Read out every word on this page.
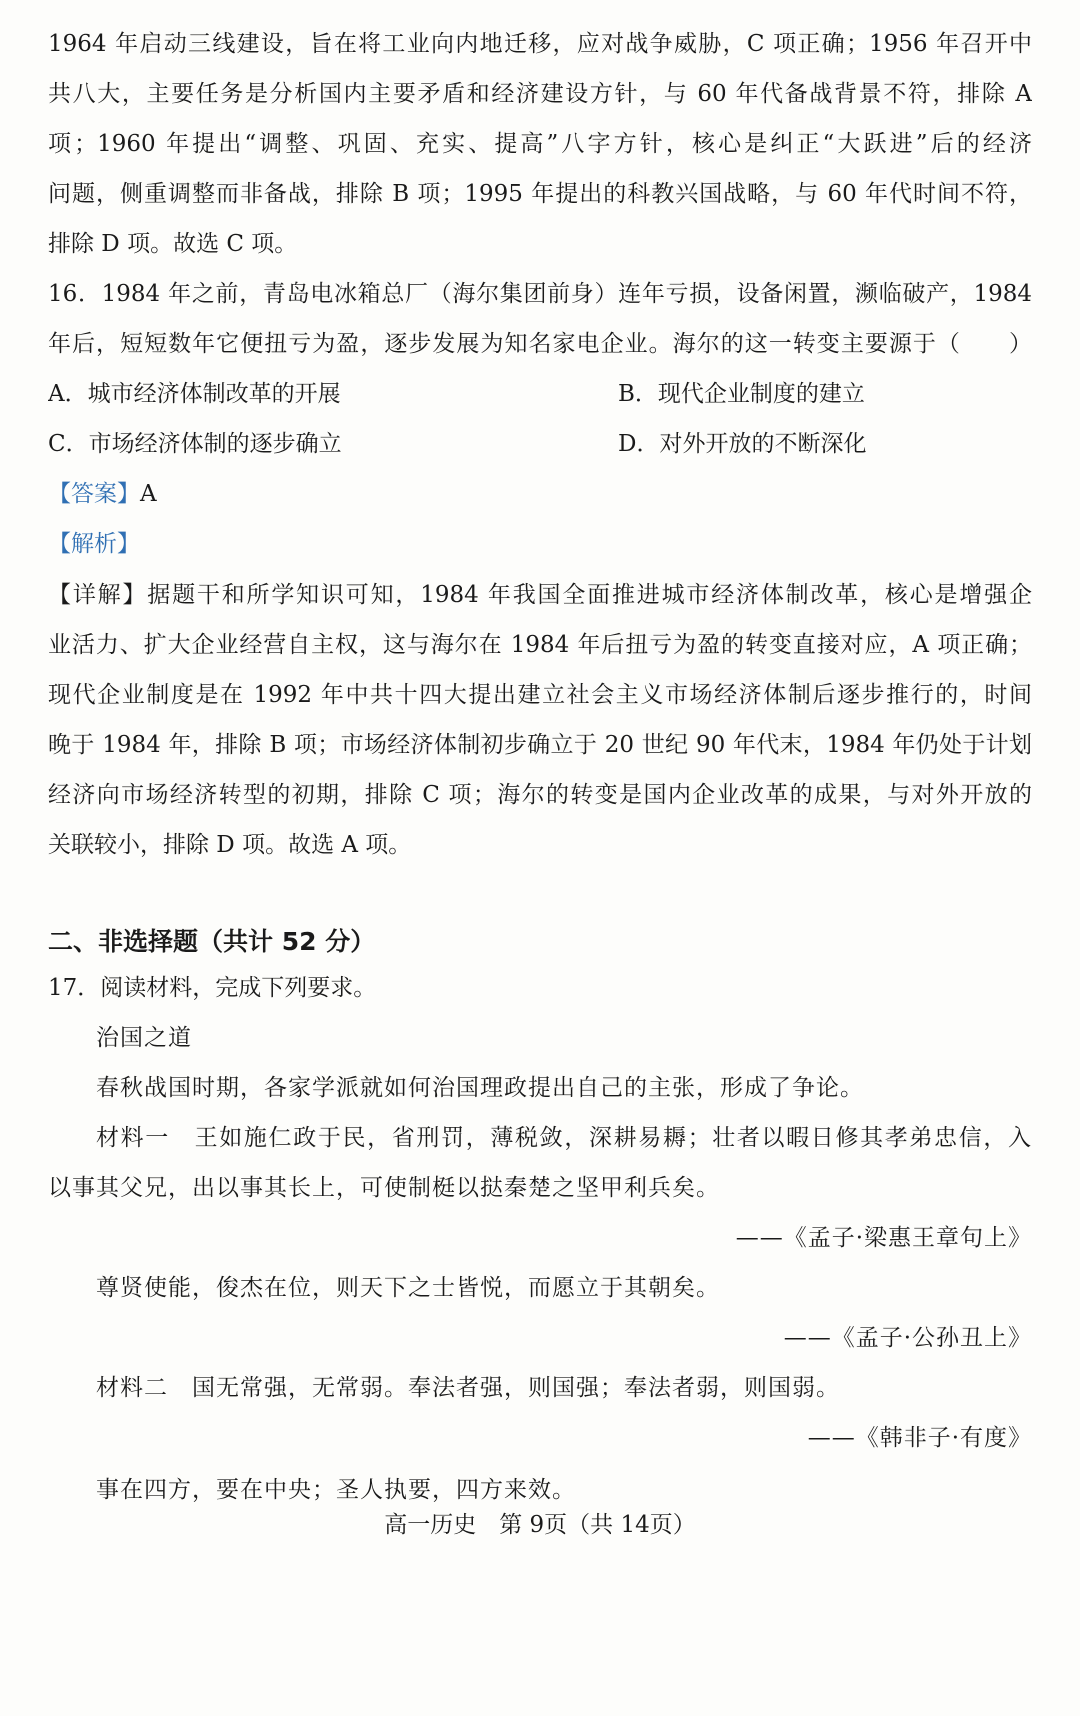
1964 年启动三线建设，旨在将工业向内地迁移，应对战争威胁，C 项正确；1956 年召开中
共八大，主要任务是分析国内主要矛盾和经济建设方针，与 60 年代备战背景不符，排除 A
项；1960 年提出“调整、巩固、充实、提高”八字方针，核心是纠正“大跃进”后的经济
问题，侧重调整而非备战，排除 B 项；1995 年提出的科教兴国战略，与 60 年代时间不符，
排除 D 项。故选 C 项。
16．1984 年之前，青岛电冰箱总厂（海尔集团前身）连年亏损，设备闲置，濒临破产，1984
年后，短短数年它便扭亏为盈，逐步发展为知名家电企业。海尔的这一转变主要源于（　　）
A．城市经济体制改革的开展	B．现代企业制度的建立
C．市场经济体制的逐步确立	D．对外开放的不断深化
【答案】A
【解析】
【详解】据题干和所学知识可知，1984 年我国全面推进城市经济体制改革，核心是增强企
业活力、扩大企业经营自主权，这与海尔在 1984 年后扭亏为盈的转变直接对应，A 项正确；
现代企业制度是在 1992 年中共十四大提出建立社会主义市场经济体制后逐步推行的，时间
晚于 1984 年，排除 B 项；市场经济体制初步确立于 20 世纪 90 年代末，1984 年仍处于计划
经济向市场经济转型的初期，排除 C 项；海尔的转变是国内企业改革的成果，与对外开放的
关联较小，排除 D 项。故选 A 项。
二、非选择题（共计 52 分）
17．阅读材料，完成下列要求。
治国之道
春秋战国时期，各家学派就如何治国理政提出自己的主张，形成了争论。
材料一　王如施仁政于民，省刑罚，薄税敛，深耕易耨；壮者以暇日修其孝弟忠信，入
以事其父兄，出以事其长上，可使制梃以挞秦楚之坚甲利兵矣。
——《孟子·梁惠王章句上》
尊贤使能，俊杰在位，则天下之士皆悦，而愿立于其朝矣。
——《孟子·公孙丑上》
材料二　国无常强，无常弱。奉法者强，则国强；奉法者弱，则国弱。
——《韩非子·有度》
事在四方，要在中央；圣人执要，四方来效。
高一历史　第 9页（共 14页）
